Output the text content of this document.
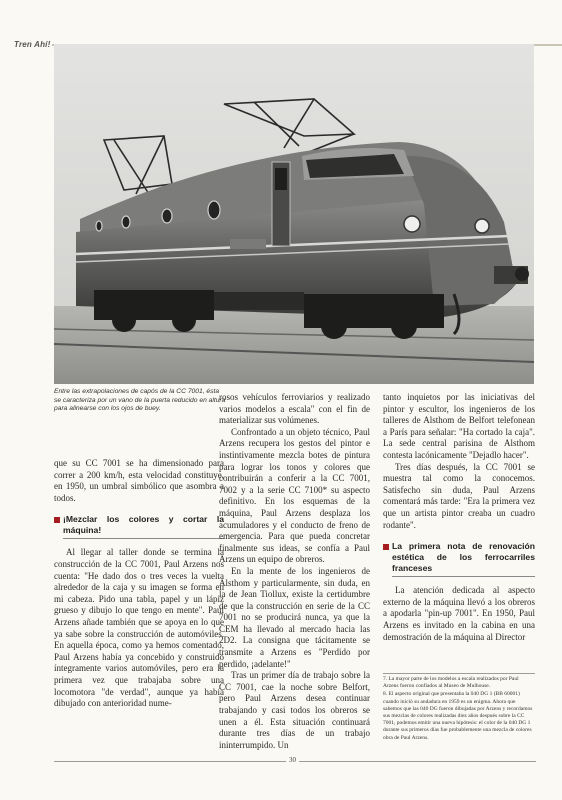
Tren Ahí!
Entre las extrapolaciones de capós de la CC 7001, ésta se caracteriza por un vano de la puerta reducido en altura para alinearse con los ojos de buey.

que su CC 7001 se ha dimensionado para correr a 200 km/h, esta velocidad constituye, en 1950, un umbral simbólico que asombra a todos.

¡Mezclar los colores y cortar la máquina!

Al llegar al taller donde se termina la construcción de la CC 7001, Paul Arzens nos cuenta: "He dado dos o tres veces la vuelta alrededor de la caja y su imagen se forma en mi cabeza. Pido una tabla, papel y un lápiz grueso y dibujo lo que tengo en mente". Paul Arzens añade también que se apoya en lo que ya sabe sobre la construcción de automóviles. En aquella época, como ya hemos comentado, Paul Arzens había ya concebido y construido íntegramente varios automóviles, pero era la primera vez que trabajaba sobre una locomotora "de verdad", aunque ya había dibujado con anterioridad nume-

rosos vehículos ferroviarios y realizado varios modelos a escala" con el fin de materializar sus volúmenes.

Confrontado a un objeto técnico, Paul Arzens recupera los gestos del pintor e instintivamente mezcla botes de pintura para lograr los tonos y colores que contribuirán a conferir a la CC 7001, 7002 y a la serie CC 7100* su aspecto definitivo. En los esquemas de la máquina, Paul Arzens desplaza los acumuladores y el conducto de freno de emergencia. Para que pueda concretar finalmente sus ideas, se confía a Paul Arzens un equipo de obreros.

En la mente de los ingenieros de Alsthom y particularmente, sin duda, en la de Jean Tiollux, existe la certidumbre de que la construcción en serie de la CC 7001 no se producirá nunca, ya que la CEM ha llevado al mercado hacia las 2D2. La consigna que tácitamente se transmite a Arzens es "Perdido por perdido, ¡adelante!"

Tras un primer día de trabajo sobre la CC 7001, cae la noche sobre Belfort, pero Paul Arzens desea continuar trabajando y casi todos los obreros se unen a él. Esta situación continuará durante tres días de un trabajo ininterrumpido. Un

tanto inquietos por las iniciativas del pintor y escultor, los ingenieros de los talleres de Alsthom de Belfort telefonean a París para señalar: "Ha cortado la caja". La sede central parisina de Alsthom contesta lacónicamente "Dejadlo hacer".

Tres días después, la CC 7001 se muestra tal como la conocemos. Satisfecho sin duda, Paul Arzens comentará más tarde: "Era la primera vez que un artista pintor creaba un cuadro rodante".

La primera nota de renovación estética de los ferrocarriles franceses

La atención dedicada al aspecto externo de la máquina llevó a los obreros a apodarla "pin-up 7001". En 1950, Paul Arzens es invitado en la cabina en una demostración de la máquina al Director

7. La mayor parte de los modelos a escala realizados por Paul Arzens fueron confiados al Museo de Mulhouse.

8. El aspecto original que presentaba la 040 DG 1 (BB 60001) cuando inició su andadura en 1959 es un enigma. Ahora que sabemos que las 040 DG fueron dibujadas por Arzens y recordamos sus mezclas de colores realizadas diez años después sobre la CC 7001, podemos emitir una nueva hipótesis: el color de la 040 DG 1 durante sus primeros días fue probablemente una mezcla de colores obra de Paul Arzens.

30
